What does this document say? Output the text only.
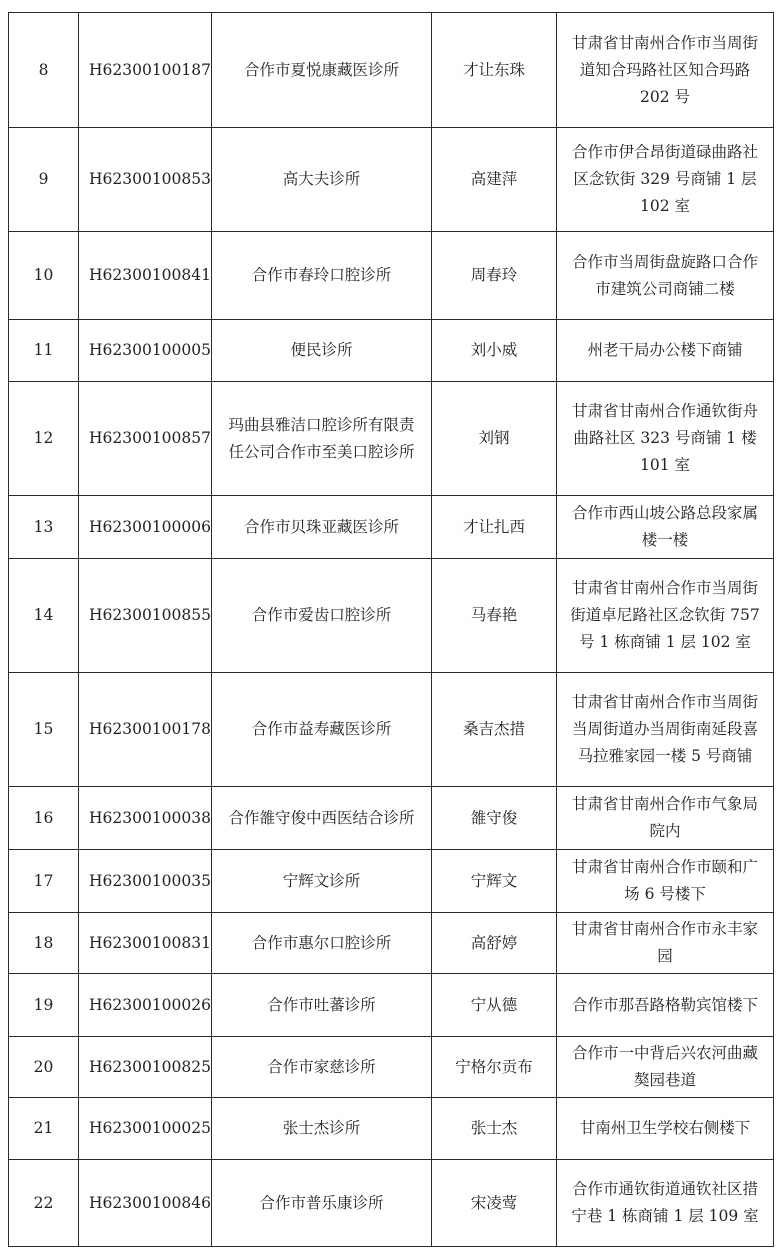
8	H62300100187	合作市夏悦康藏医诊所	才让东珠	甘肃省甘南州合作市当周街道知合玛路社区知合玛路 202 号
9	H62300100853	高大夫诊所	高建萍	合作市伊合昂街道碌曲路社区念钦街 329 号商铺 1 层 102 室
10	H62300100841	合作市春玲口腔诊所	周春玲	合作市当周街盘旋路口合作市建筑公司商铺二楼
11	H62300100005	便民诊所	刘小威	州老干局办公楼下商铺
12	H62300100857	玛曲县雅洁口腔诊所有限责任公司合作市至美口腔诊所	刘钢	甘肃省甘南州合作通钦街舟曲路社区 323 号商铺 1 楼 101 室
13	H62300100006	合作市贝珠亚藏医诊所	才让扎西	合作市西山坡公路总段家属楼一楼
14	H62300100855	合作市爱齿口腔诊所	马春艳	甘肃省甘南州合作市当周街街道卓尼路社区念钦街 757 号 1 栋商铺 1 层 102 室
15	H62300100178	合作市益寿藏医诊所	桑吉杰措	甘肃省甘南州合作市当周街当周街道办当周街南延段喜马拉雅家园一楼 5 号商铺
16	H62300100038	合作雒守俊中西医结合诊所	雒守俊	甘肃省甘南州合作市气象局院内
17	H62300100035	宁辉文诊所	宁辉文	甘肃省甘南州合作市颐和广场 6 号楼下
18	H62300100831	合作市惠尔口腔诊所	高舒婷	甘肃省甘南州合作市永丰家园
19	H62300100026	合作市吐蕃诊所	宁从德	合作市那吾路格勒宾馆楼下
20	H62300100825	合作市家慈诊所	宁格尔贡布	合作市一中背后兴农河曲藏獒园巷道
21	H62300100025	张士杰诊所	张士杰	甘南州卫生学校右侧楼下
22	H62300100846	合作市普乐康诊所	宋凌莺	合作市通钦街道通钦社区措宁巷 1 栋商铺 1 层 109 室
